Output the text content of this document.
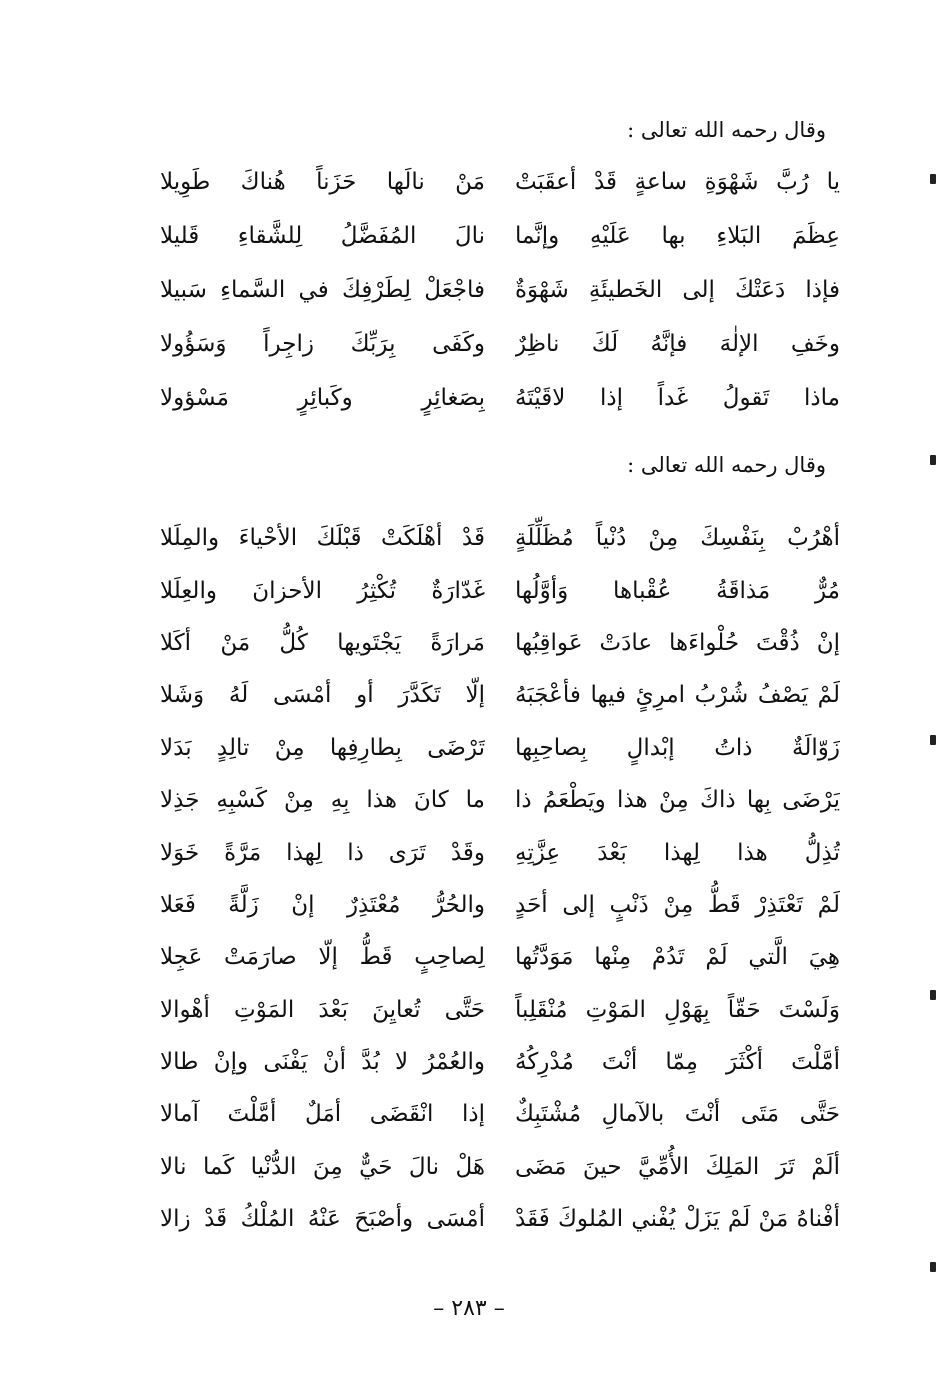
وقال رحمه الله تعالى :
يا رُبَّ شَهْوَةِ ساعةٍ قَدْ أعقَبَتْ
مَنْ نالَها حَزَناً هُناكَ طَوِيلا
عِظَمَ البَلاءِ بها عَلَيْهِ وإنَّما
نالَ المُفَضَّلُ لِلشَّقاءِ قَليلا
فإذا دَعَتْكَ إلى الخَطيئَةِ شَهْوَةٌ
فاجْعَلْ لِطَرْفِكَ في السَّماءِ سَبيلا
وخَفِ الإلٰهَ فإنَّهُ لَكَ ناظِرٌ
وكَفَى بِرَبِّكَ زاجِراً وَسَؤُولا
ماذا تَقولُ غَداً إذا لاقَيْتَهُ
بِصَغائِرٍ وكَبائِرٍ مَسْؤولا
وقال رحمه الله تعالى :
أهْرُبْ بِنَفْسِكَ مِنْ دُنْياً مُظَلِّلَةٍ
قَدْ أهْلَكَتْ قَبْلَكَ الأحْياءَ والمِلَلا
مُرٌّ مَذاقَةُ عُقْباها وَأوَّلُها
غَدّارَةٌ تُكْثِرُ الأحزانَ والعِلَلا
إنْ ذُقْتَ حُلْواءَها عادَتْ عَواقِبُها
مَرارَةً يَجْتَويها كُلُّ مَنْ أكَلا
لَمْ يَصْفُ شُرْبُ امرِئٍ فيها فأعْجَبَهُ
إلّا تَكَدَّرَ أو أمْسَى لَهُ وَشَلا
زَوّالَةٌ ذاتُ إبْدالٍ بِصاحِبِها
تَرْضَى بِطارِفِها مِنْ تالِدٍ بَدَلا
يَرْضَى بِها ذاكَ مِنْ هذا ويَطْعَمُ ذا
ما كانَ هذا بِهِ مِنْ كَسْبِهِ جَذِلا
تُذِلُّ هذا لِهذا بَعْدَ عِزَّتِهِ
وقَدْ تَرَى ذا لِهذا مَرَّةً خَوَلا
لَمْ تَعْتَذِرْ قَطُّ مِنْ ذَنْبٍ إلى أحَدٍ
والحُرُّ مُعْتَذِرٌ إنْ زَلَّةً فَعَلا
هِيَ الَّتي لَمْ تَدُمْ مِنْها مَوَدَّتُها
لِصاحِبٍ قَطُّ إلّا صارَمَتْ عَجِلا
وَلَسْتَ حَقّاً بِهَوْلِ المَوْتِ مُنْقَلِباً
حَتَّى تُعايِنَ بَعْدَ المَوْتِ أهْوالا
أمَّلْتَ أكْثَرَ مِمّا أنْتَ مُدْرِكُهُ
والعُمْرُ لا بُدَّ أنْ يَفْنَى وإنْ طالا
حَتَّى مَتَى أنْتَ بالآمالِ مُشْتَبِكٌ
إذا انْقَضَى أمَلٌ أمَّلْتَ آمالا
ألَمْ تَرَ المَلِكَ الأُمِّيَّ حينَ مَضَى
هَلْ نالَ حَيٌّ مِنَ الدُّنْيا كَما نالا
أفْناهُ مَنْ لَمْ يَزَلْ يُفْني المُلوكَ فَقَدْ
أمْسَى وأصْبَحَ عَنْهُ المُلْكُ قَدْ زالا
– ٢٨٣ –
